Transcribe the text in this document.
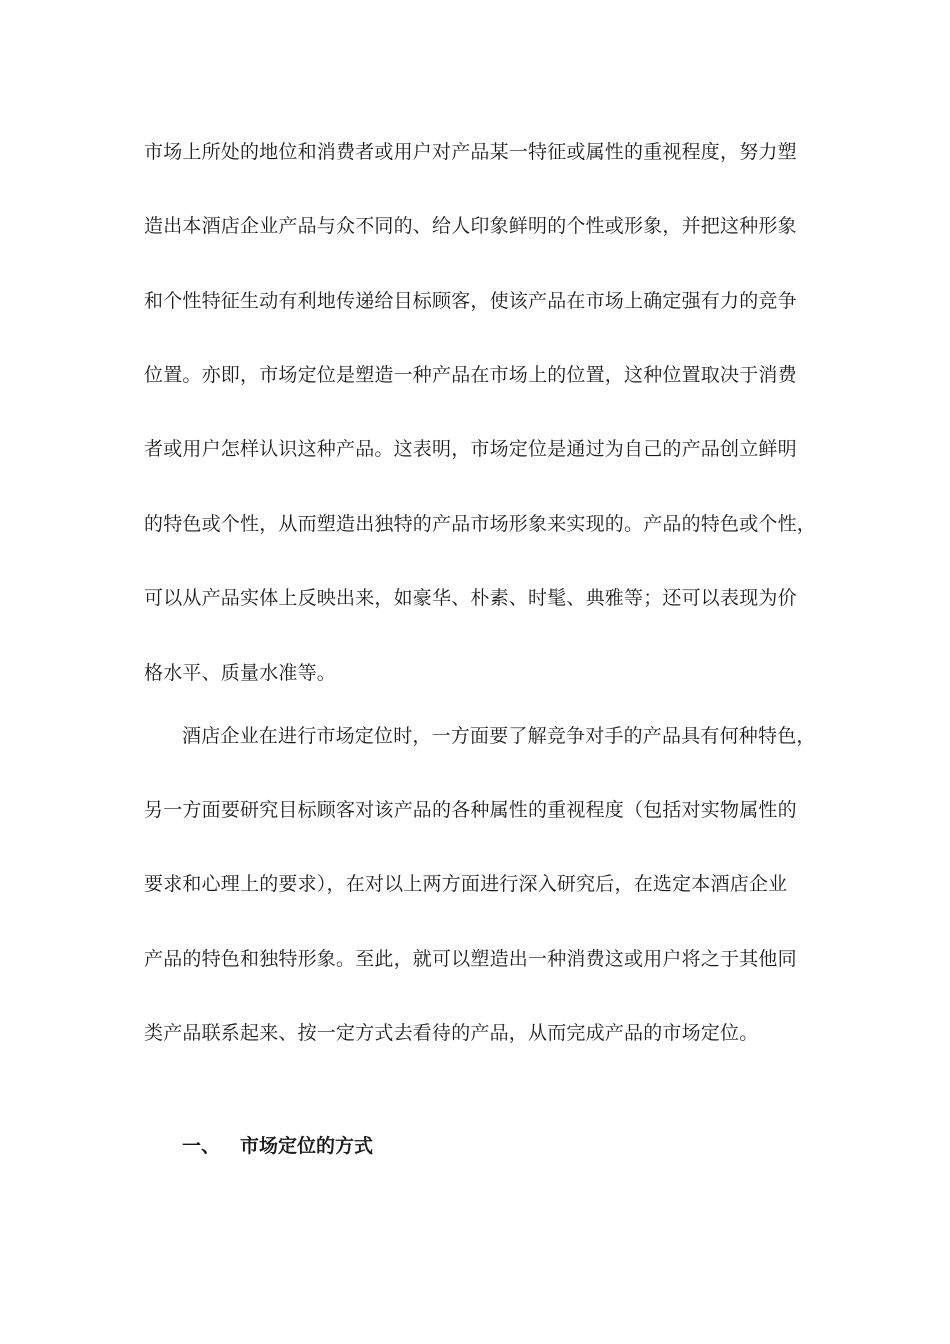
市场上所处的地位和消费者或用户对产品某一特征或属性的重视程度，努力塑
造出本酒店企业产品与众不同的、给人印象鲜明的个性或形象，并把这种形象
和个性特征生动有利地传递给目标顾客，使该产品在市场上确定强有力的竞争
位置。亦即，市场定位是塑造一种产品在市场上的位置，这种位置取决于消费
者或用户怎样认识这种产品。这表明，市场定位是通过为自己的产品创立鲜明
的特色或个性，从而塑造出独特的产品市场形象来实现的。产品的特色或个性，
可以从产品实体上反映出来，如豪华、朴素、时髦、典雅等；还可以表现为价
格水平、质量水准等。
酒店企业在进行市场定位时，一方面要了解竞争对手的产品具有何种特色，
另一方面要研究目标顾客对该产品的各种属性的重视程度（包括对实物属性的
要求和心理上的要求），在对以上两方面进行深入研究后，在选定本酒店企业
产品的特色和独特形象。至此，就可以塑造出一种消费这或用户将之于其他同
类产品联系起来、按一定方式去看待的产品，从而完成产品的市场定位。
一、 市场定位的方式
